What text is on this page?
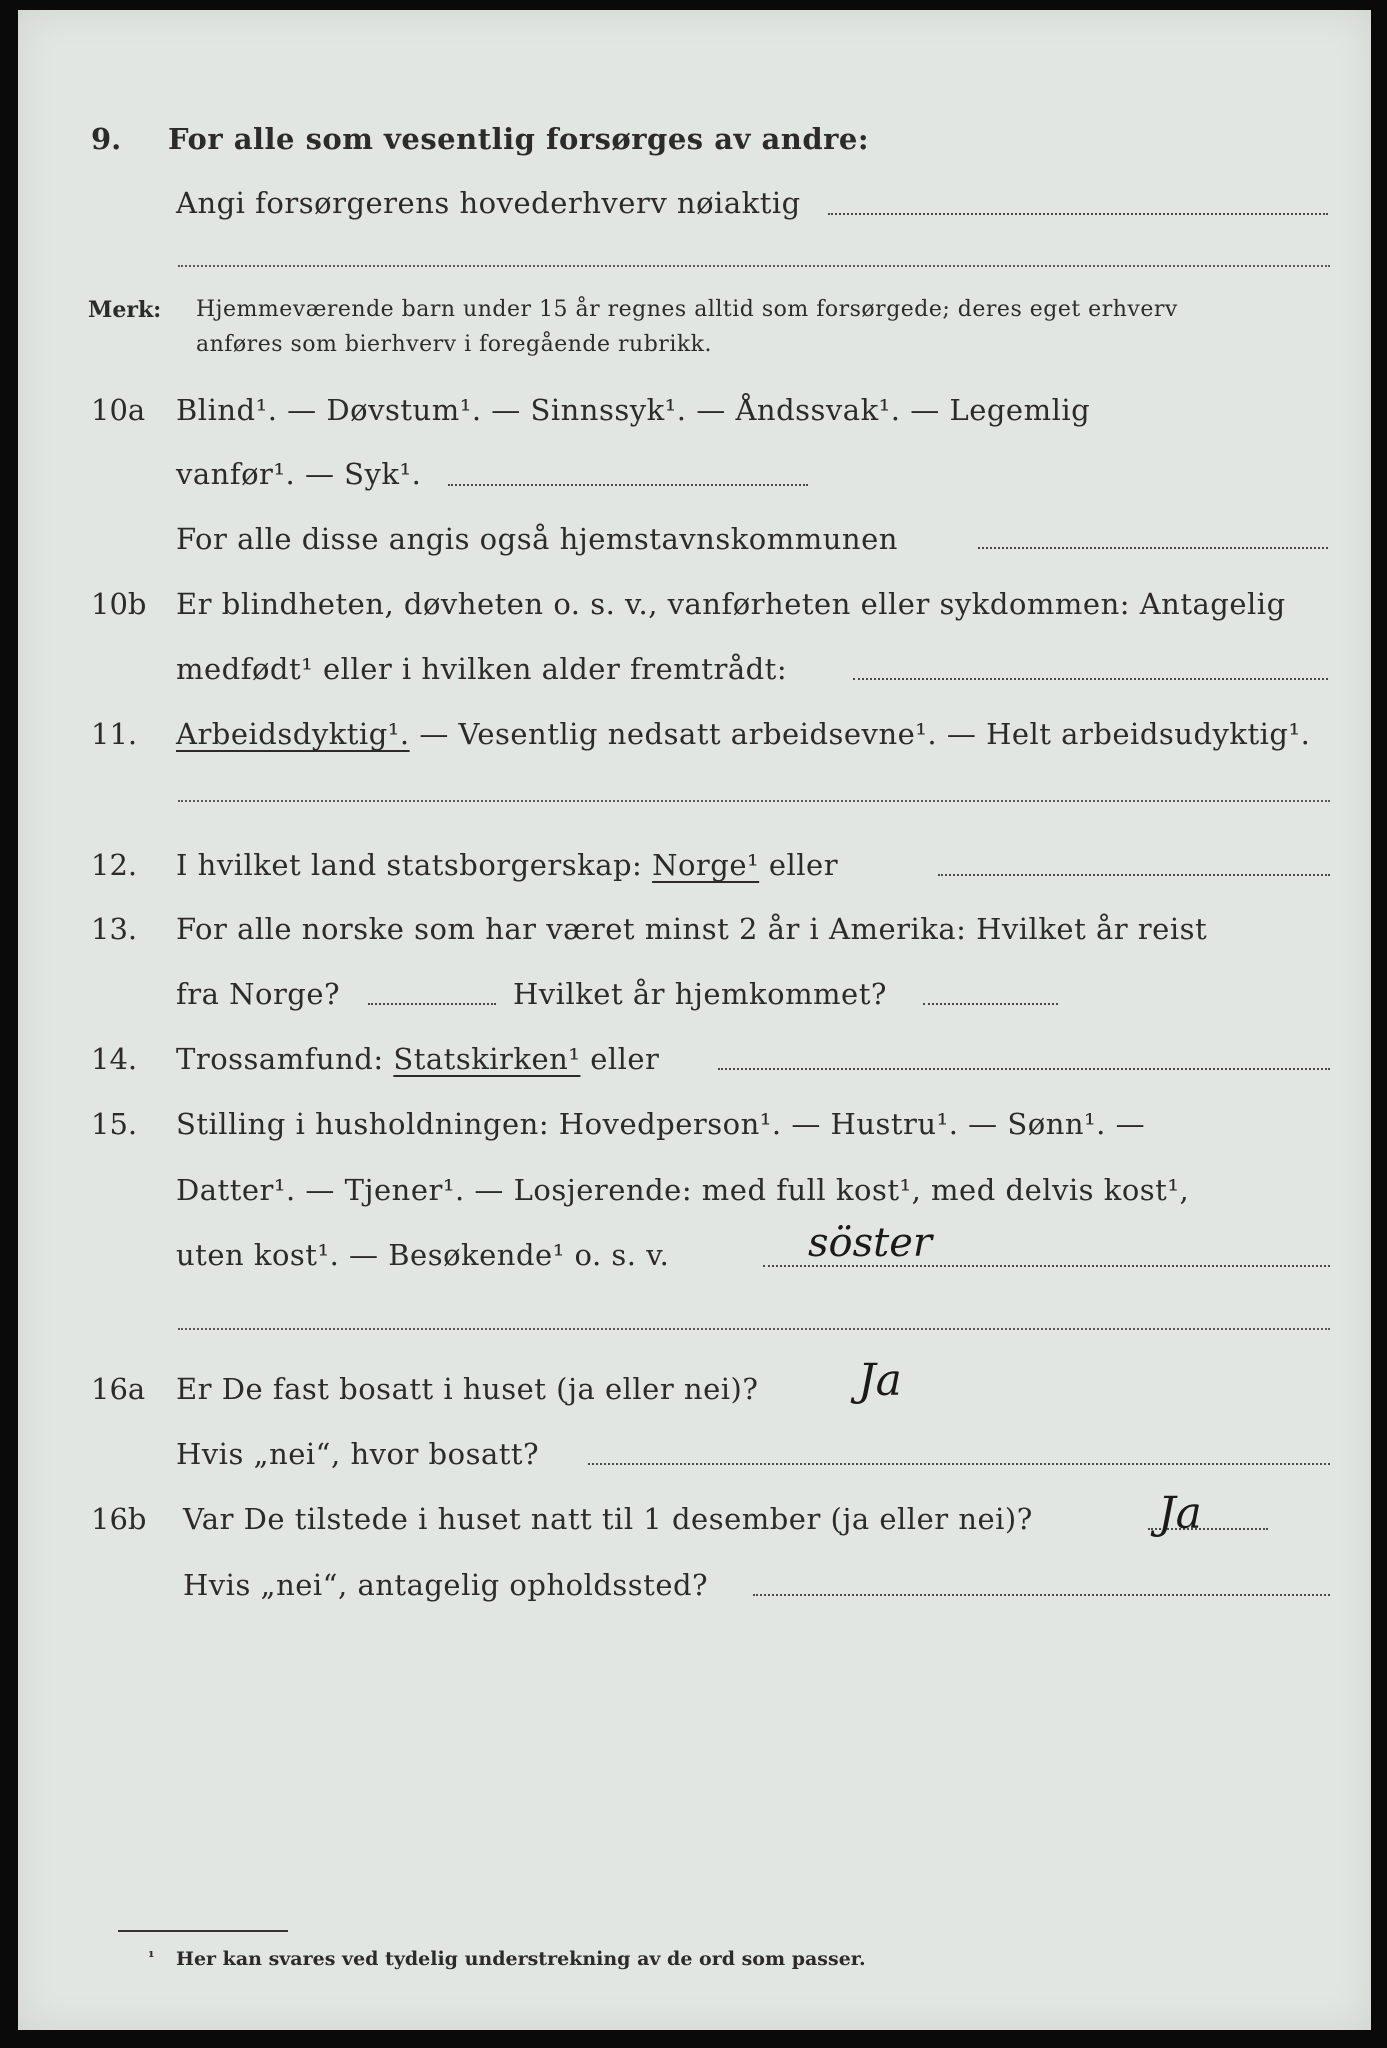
9. For alle som vesentlig forsørges av andre:
Angi forsørgerens hovederhverv nøiaktig
Merk: Hjemmeværende barn under 15 år regnes alltid som forsørgede; deres eget erhverv
anføres som bierhverv i foregående rubrikk.
10a Blind¹. — Døvstum¹. — Sinnssyk¹. — Åndssvak¹. — Legemlig
vanfør¹. — Syk¹.
For alle disse angis også hjemstavnskommunen
10b Er blindheten, døvheten o. s. v., vanførheten eller sykdommen: Antagelig
medfødt¹ eller i hvilken alder fremtrådt:
11. Arbeidsdyktig¹. — Vesentlig nedsatt arbeidsevne¹. — Helt arbeidsudyktig¹.
12. I hvilket land statsborgerskap: Norge¹ eller
13. For alle norske som har været minst 2 år i Amerika: Hvilket år reist
fra Norge?	Hvilket år hjemkommet?
14. Trossamfund: Statskirken¹ eller
15. Stilling i husholdningen: Hovedperson¹. — Hustru¹. — Sønn¹. —
Datter¹. — Tjener¹. — Losjerende: med full kost¹, med delvis kost¹,
uten kost¹. — Besøkende¹ o. s. v.	söster
16a Er De fast bosatt i huset (ja eller nei)? Ja
Hvis „nei“, hvor bosatt?
16b Var De tilstede i huset natt til 1 desember (ja eller nei)?	Ja
Hvis „nei“, antagelig opholdssted?
¹ Her kan svares ved tydelig understrekning av de ord som passer.
